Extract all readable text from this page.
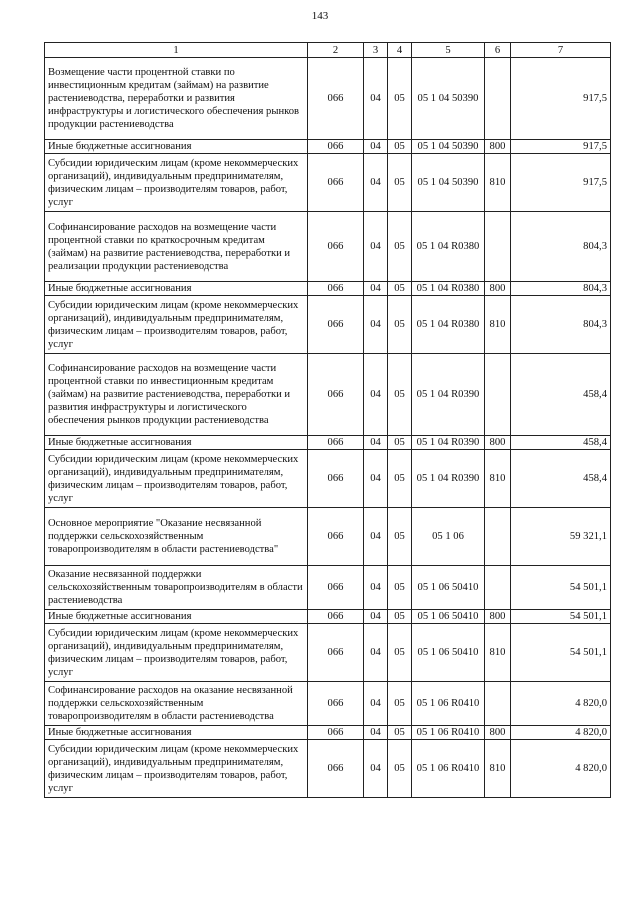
143
1	2	3	4	5	6	7
Возмещение части процентной ставки по инвестиционным кредитам (займам) на развитие растениеводства, переработки и развития инфраструктуры и логистического обеспечения рынков продукции растениеводства	066	04	05	05 1 04 50390		917,5
Иные бюджетные ассигнования	066	04	05	05 1 04 50390	800	917,5
Субсидии юридическим лицам (кроме некоммерческих организаций), индивидуальным предпринимателям, физическим лицам – производителям товаров, работ, услуг	066	04	05	05 1 04 50390	810	917,5
Софинансирование расходов на возмещение части процентной ставки по краткосрочным кредитам (займам) на развитие растениеводства, переработки и реализации продукции растениеводства	066	04	05	05 1 04 R0380		804,3
Иные бюджетные ассигнования	066	04	05	05 1 04 R0380	800	804,3
Субсидии юридическим лицам (кроме некоммерческих организаций), индивидуальным предпринимателям, физическим лицам – производителям товаров, работ, услуг	066	04	05	05 1 04 R0380	810	804,3
Софинансирование расходов на возмещение части процентной ставки по инвестиционным кредитам (займам) на развитие растениеводства, переработки и развития инфраструктуры и логистического обеспечения рынков продукции растениеводства	066	04	05	05 1 04 R0390		458,4
Иные бюджетные ассигнования	066	04	05	05 1 04 R0390	800	458,4
Субсидии юридическим лицам (кроме некоммерческих организаций), индивидуальным предпринимателям, физическим лицам – производителям товаров, работ, услуг	066	04	05	05 1 04 R0390	810	458,4
Основное мероприятие "Оказание несвязанной поддержки сельскохозяйственным товаропроизводителям в области растениеводства"	066	04	05	05 1 06		59 321,1
Оказание несвязанной поддержки сельскохозяйственным товаропроизводителям в области растениеводства	066	04	05	05 1 06 50410		54 501,1
Иные бюджетные ассигнования	066	04	05	05 1 06 50410	800	54 501,1
Субсидии юридическим лицам (кроме некоммерческих организаций), индивидуальным предпринимателям, физическим лицам – производителям товаров, работ, услуг	066	04	05	05 1 06 50410	810	54 501,1
Софинансирование расходов на оказание несвязанной поддержки сельскохозяйственным товаропроизводителям в области растениеводства	066	04	05	05 1 06 R0410		4 820,0
Иные бюджетные ассигнования	066	04	05	05 1 06 R0410	800	4 820,0
Субсидии юридическим лицам (кроме некоммерческих организаций), индивидуальным предпринимателям, физическим лицам – производителям товаров, работ, услуг	066	04	05	05 1 06 R0410	810	4 820,0
